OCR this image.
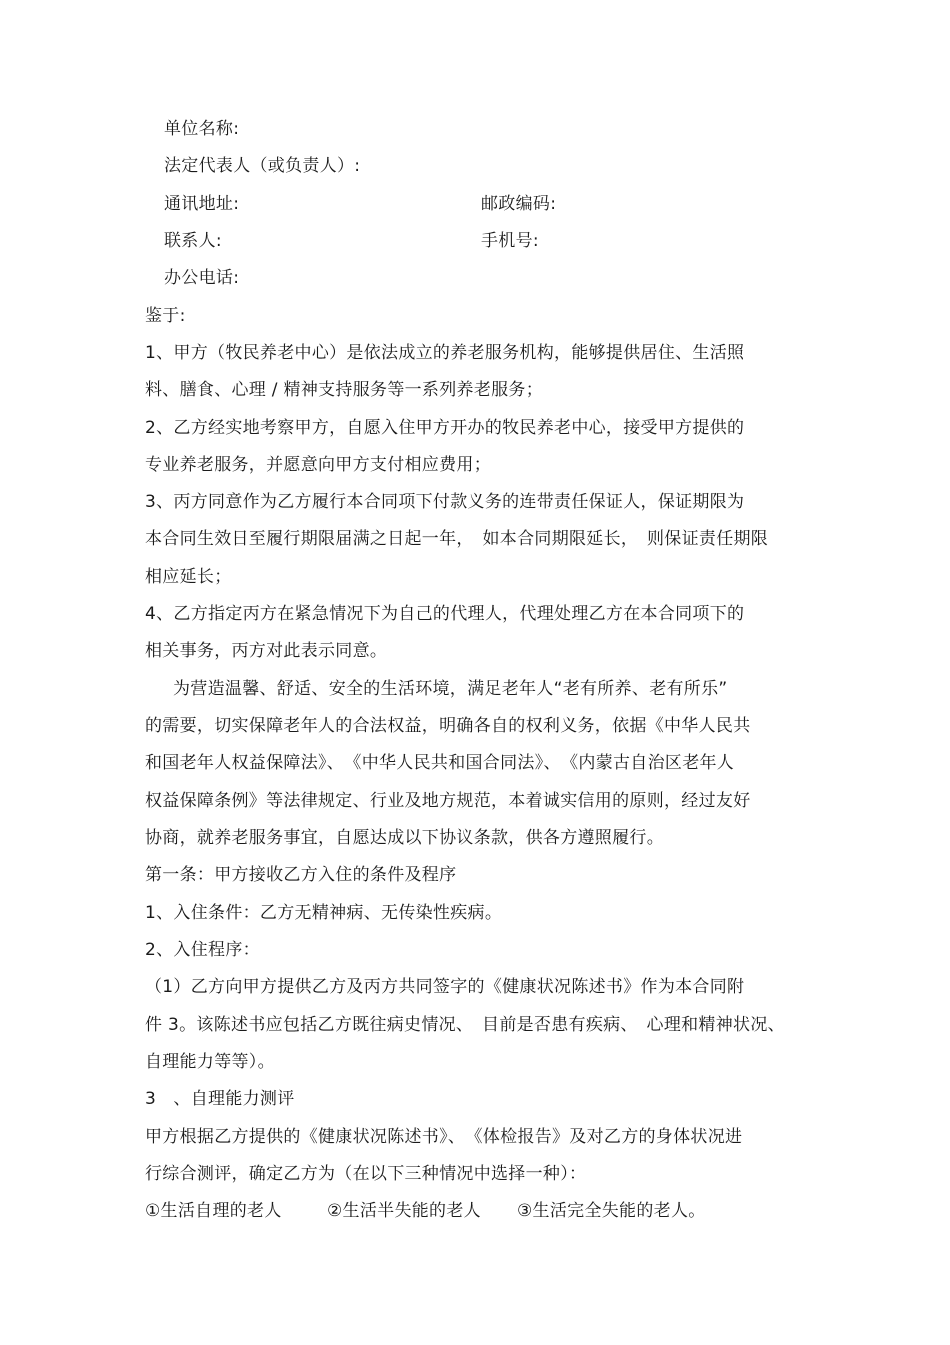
单位名称:
法定代表人（或负责人）:
通讯地址:	邮政编码:
联系人:	手机号:
办公电话:
鉴于:
1、甲方（牧民养老中心）是依法成立的养老服务机构，能够提供居住、生活照
料、膳食、心理 / 精神支持服务等一系列养老服务；
2、乙方经实地考察甲方，自愿入住甲方开办的牧民养老中心，接受甲方提供的
专业养老服务，并愿意向甲方支付相应费用；
3、丙方同意作为乙方履行本合同项下付款义务的连带责任保证人，保证期限为
本合同生效日至履行期限届满之日起一年，　如本合同期限延长，　则保证责任期限
相应延长；
4、乙方指定丙方在紧急情况下为自己的代理人，代理处理乙方在本合同项下的
相关事务，丙方对此表示同意。
为营造温馨、舒适、安全的生活环境，满足老年人“老有所养、老有所乐”
的需要，切实保障老年人的合法权益，明确各自的权利义务，依据《中华人民共
和国老年人权益保障法》、　《中华人民共和国合同法》、　《内蒙古自治区老年人
权益保障条例》等法律规定、行业及地方规范，本着诚实信用的原则，经过友好
协商，就养老服务事宜，自愿达成以下协议条款，供各方遵照履行。
第一条：甲方接收乙方入住的条件及程序
1、入住条件：乙方无精神病、无传染性疾病。
2、入住程序：
（1）乙方向甲方提供乙方及丙方共同签字的《健康状况陈述书》作为本合同附
件 3。该陈述书应包括乙方既往病史情况、　目前是否患有疾病、　心理和精神状况、
自理能力等等）。
3　、自理能力测评
甲方根据乙方提供的《健康状况陈述书》、　《体检报告》及对乙方的身体状况进
行综合测评，确定乙方为（在以下三种情况中选择一种）：
①生活自理的老人	②生活半失能的老人 ③生活完全失能的老人。
